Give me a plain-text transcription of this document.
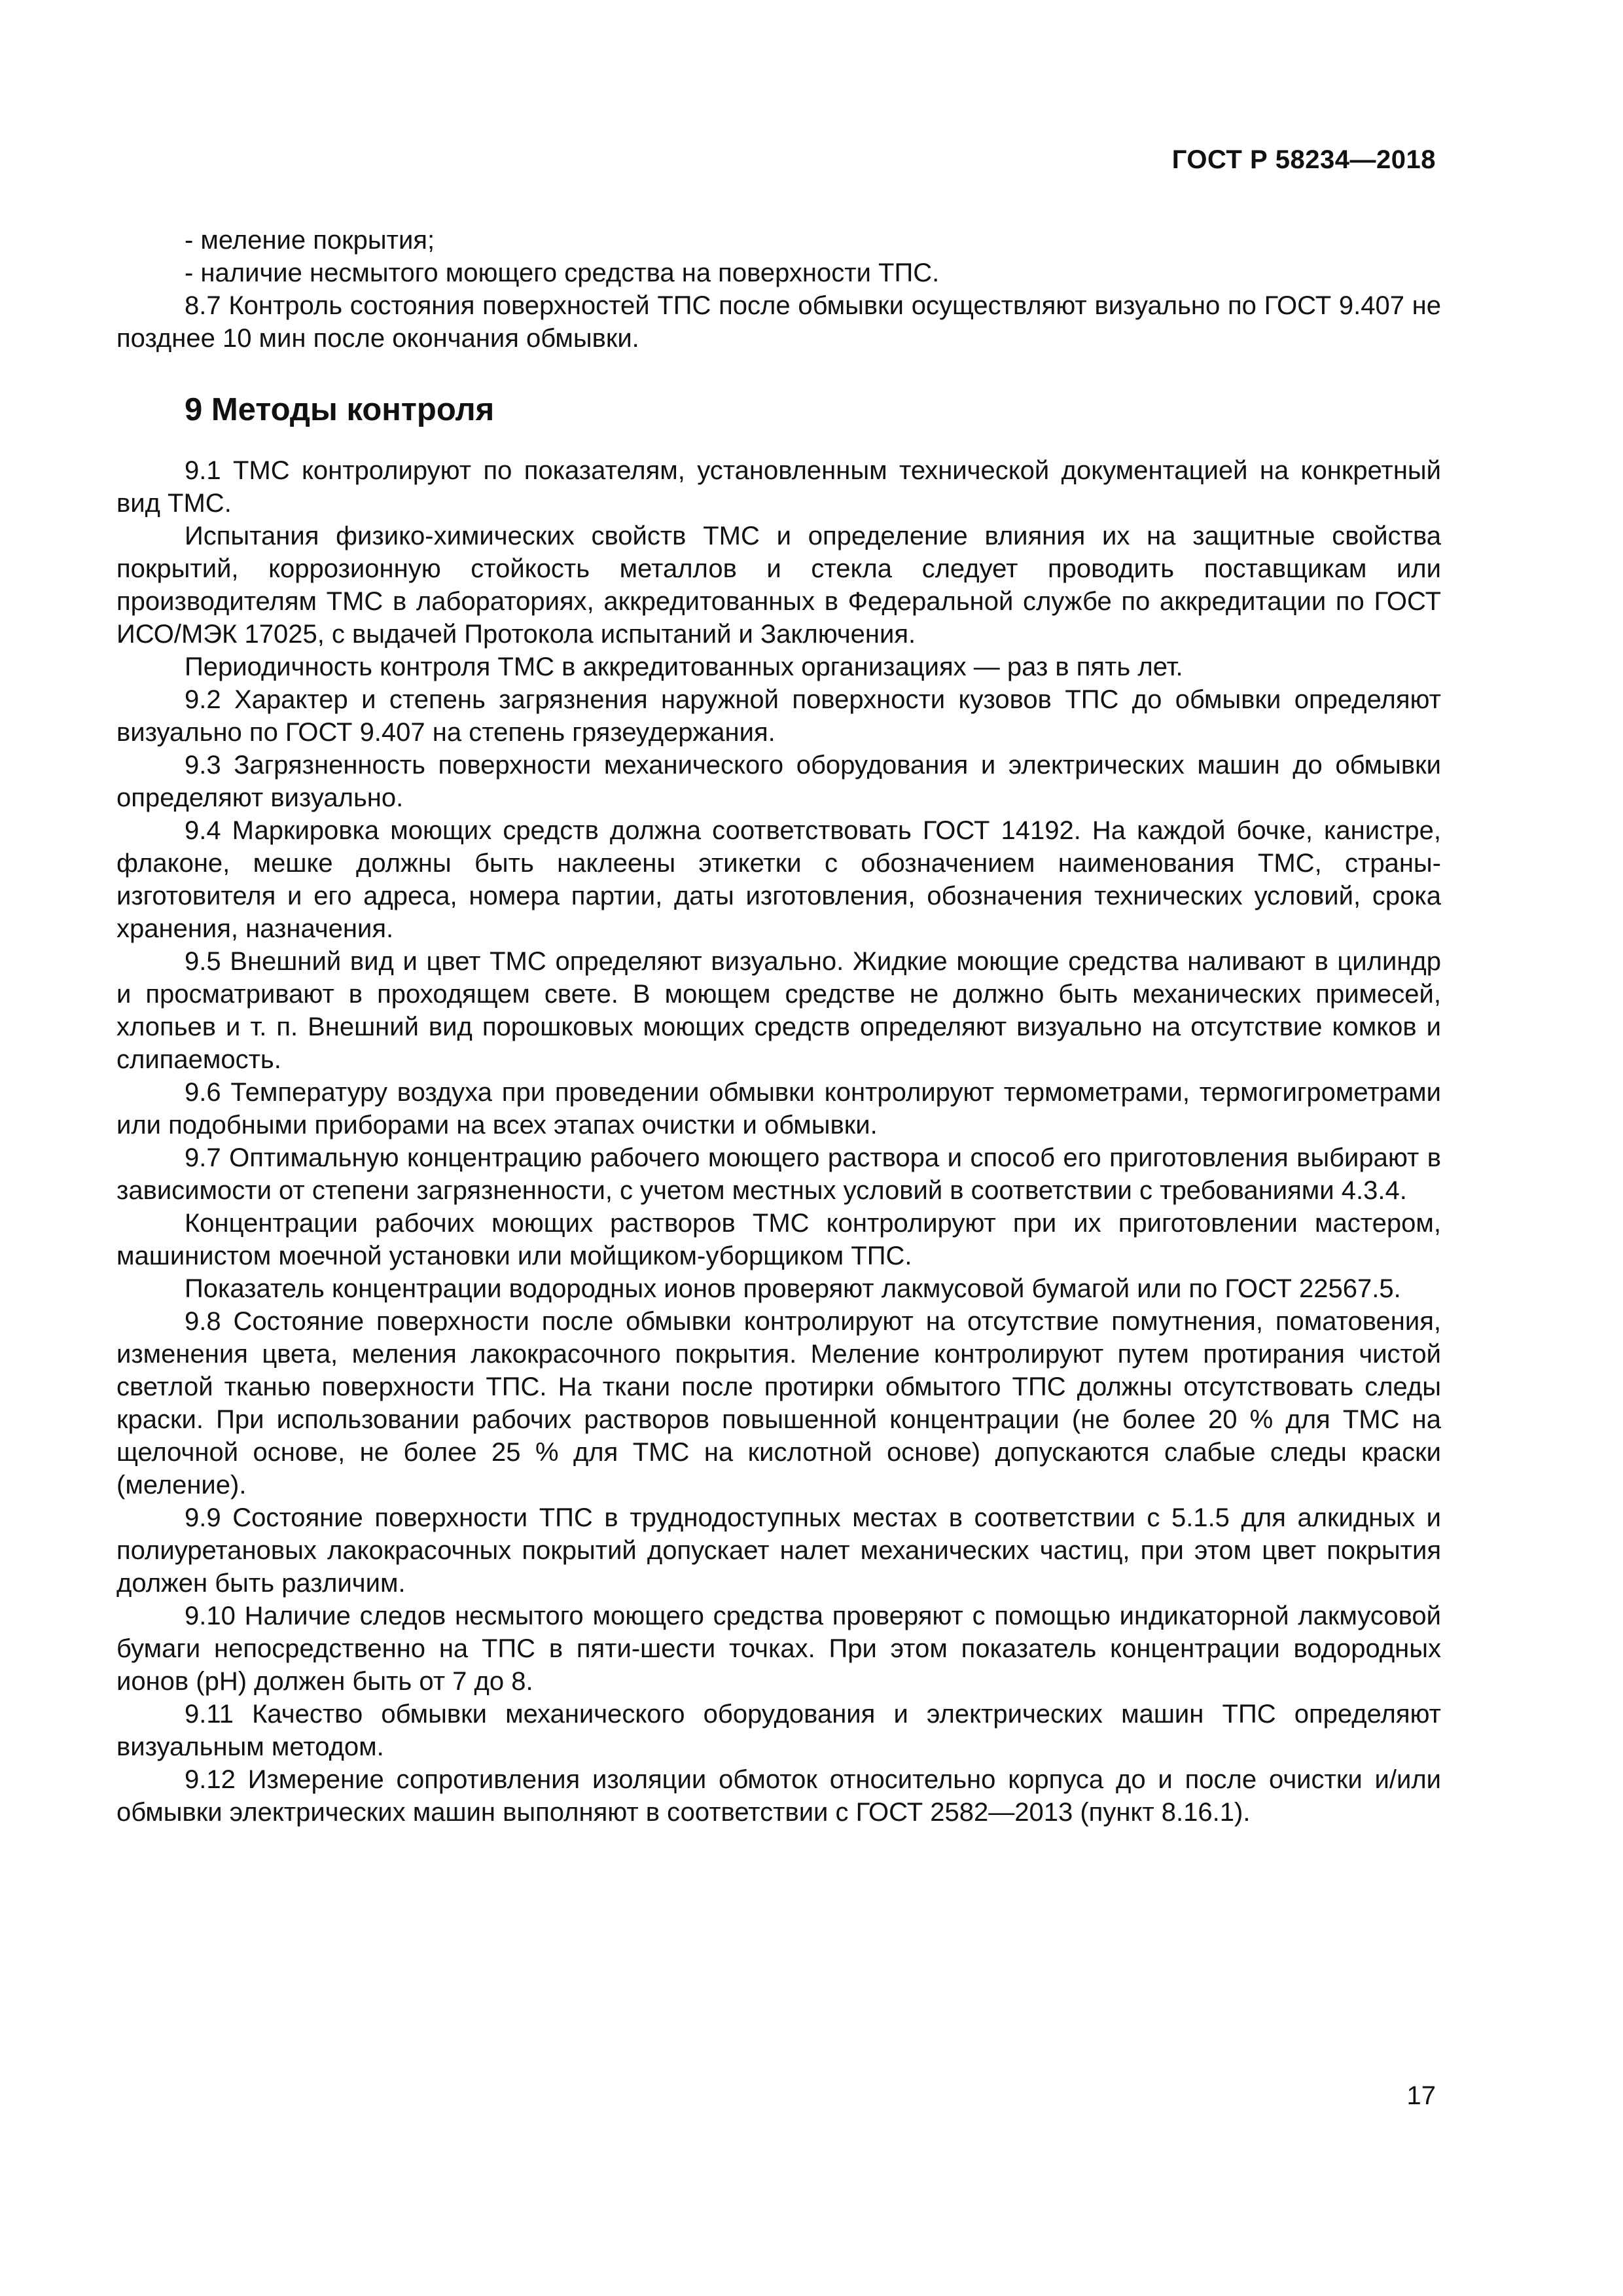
ГОСТ Р 58234—2018

- меление покрытия;

- наличие несмытого моющего средства на поверхности ТПС.

8.7 Контроль состояния поверхностей ТПС после обмывки осуществляют визуально по ГОСТ 9.407 не позднее 10 мин после окончания обмывки.

9 Методы контроля

9.1 ТМС контролируют по показателям, установленным технической документацией на конкретный вид ТМС.

Испытания физико-химических свойств ТМС и определение влияния их на защитные свойства покрытий, коррозионную стойкость металлов и стекла следует проводить поставщикам или производителям ТМС в лабораториях, аккредитованных в Федеральной службе по аккредитации по ГОСТ ИСО/МЭК 17025, с выдачей Протокола испытаний и Заключения.

Периодичность контроля ТМС в аккредитованных организациях — раз в пять лет.

9.2 Характер и степень загрязнения наружной поверхности кузовов ТПС до обмывки определяют визуально по ГОСТ 9.407 на степень грязеудержания.

9.3 Загрязненность поверхности механического оборудования и электрических машин до обмывки определяют визуально.

9.4 Маркировка моющих средств должна соответствовать ГОСТ 14192. На каждой бочке, канистре, флаконе, мешке должны быть наклеены этикетки с обозначением наименования ТМС, страны-изготовителя и его адреса, номера партии, даты изготовления, обозначения технических условий, срока хранения, назначения.

9.5 Внешний вид и цвет ТМС определяют визуально. Жидкие моющие средства наливают в цилиндр и просматривают в проходящем свете. В моющем средстве не должно быть механических примесей, хлопьев и т. п. Внешний вид порошковых моющих средств определяют визуально на отсутствие комков и слипаемость.

9.6 Температуру воздуха при проведении обмывки контролируют термометрами, термогигрометрами или подобными приборами на всех этапах очистки и обмывки.

9.7 Оптимальную концентрацию рабочего моющего раствора и способ его приготовления выбирают в зависимости от степени загрязненности, с учетом местных условий в соответствии с требованиями 4.3.4.

Концентрации рабочих моющих растворов ТМС контролируют при их приготовлении мастером, машинистом моечной установки или мойщиком-уборщиком ТПС.

Показатель концентрации водородных ионов проверяют лакмусовой бумагой или по ГОСТ 22567.5.

9.8 Состояние поверхности после обмывки контролируют на отсутствие помутнения, поматовения, изменения цвета, меления лакокрасочного покрытия. Меление контролируют путем протирания чистой светлой тканью поверхности ТПС. На ткани после протирки обмытого ТПС должны отсутствовать следы краски. При использовании рабочих растворов повышенной концентрации (не более 20 % для ТМС на щелочной основе, не более 25 % для ТМС на кислотной основе) допускаются слабые следы краски (меление).

9.9 Состояние поверхности ТПС в труднодоступных местах в соответствии с 5.1.5 для алкидных и полиуретановых лакокрасочных покрытий допускает налет механических частиц, при этом цвет покрытия должен быть различим.

9.10 Наличие следов несмытого моющего средства проверяют с помощью индикаторной лакмусовой бумаги непосредственно на ТПС в пяти-шести точках. При этом показатель концентрации водородных ионов (рН) должен быть от 7 до 8.

9.11 Качество обмывки механического оборудования и электрических машин ТПС определяют визуальным методом.

9.12 Измерение сопротивления изоляции обмоток относительно корпуса до и после очистки и/или обмывки электрических машин выполняют в соответствии с ГОСТ 2582—2013 (пункт 8.16.1).

17
